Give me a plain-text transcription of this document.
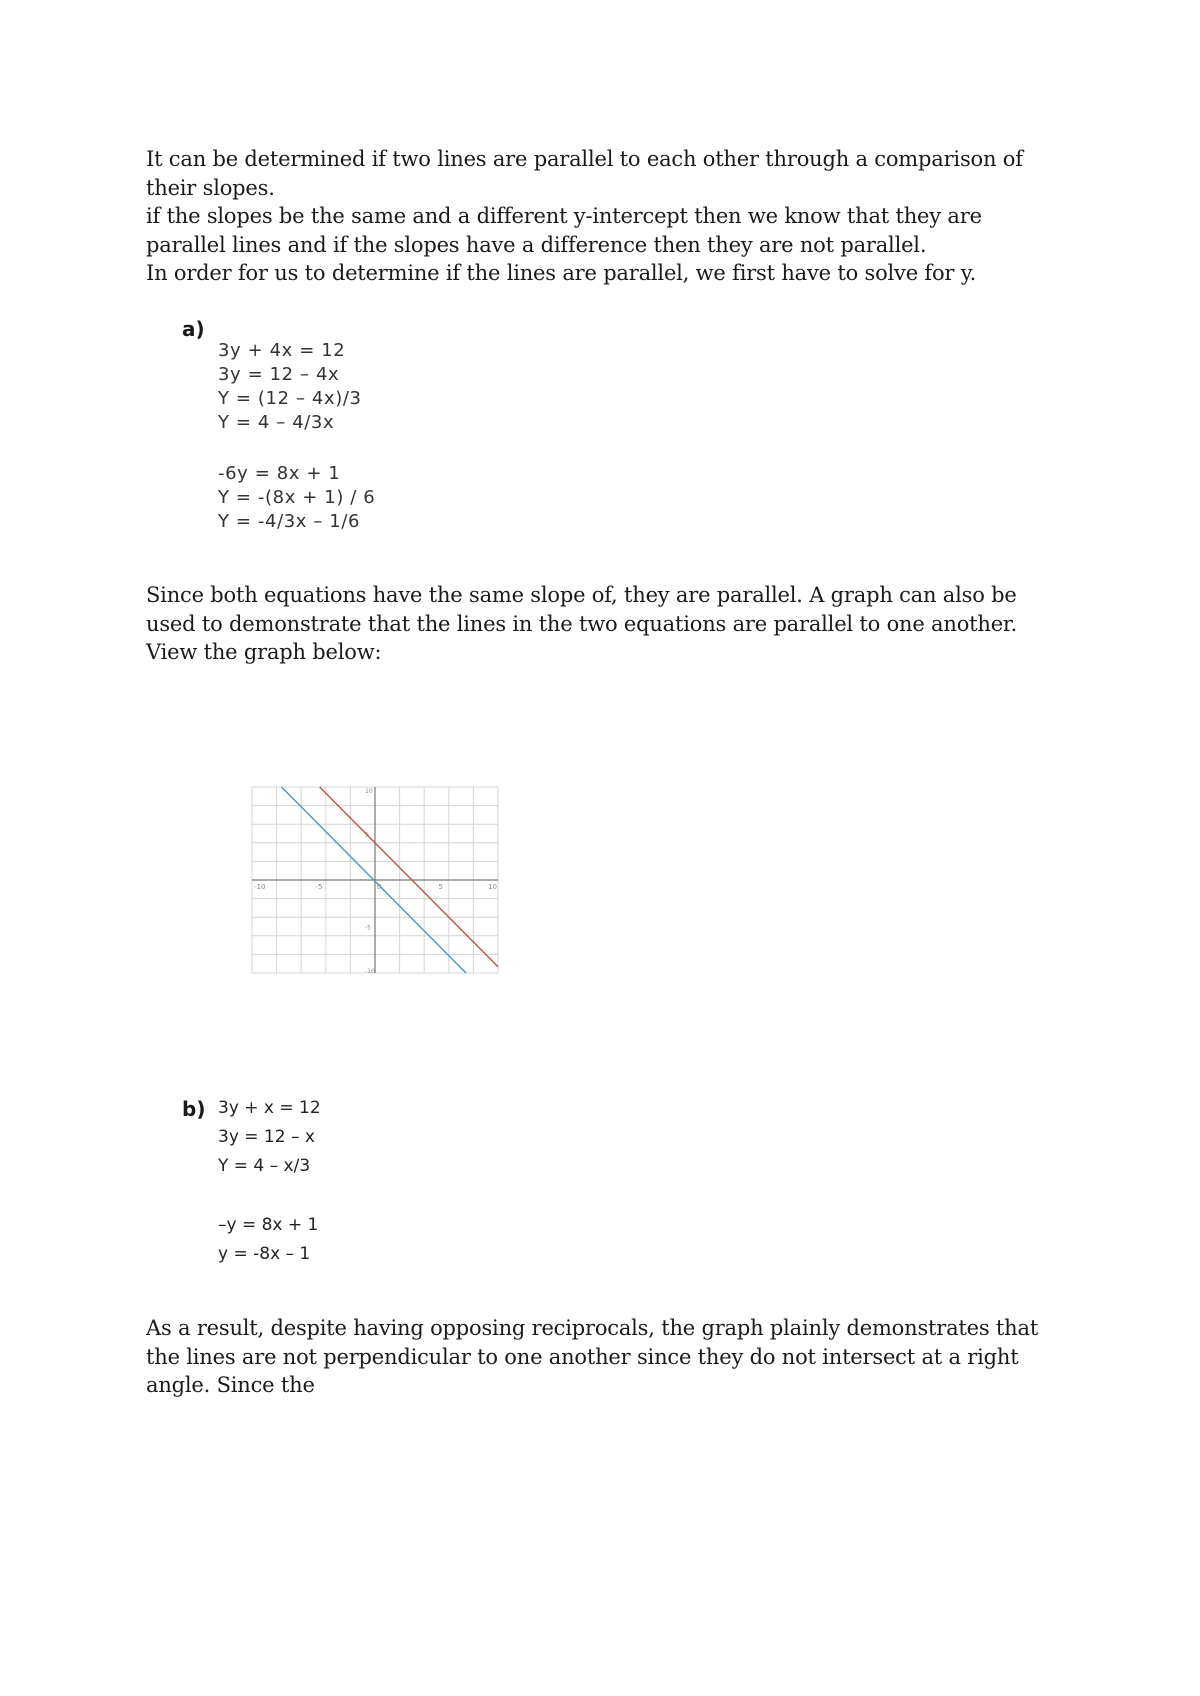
It can be determined if two lines are parallel to each other through a comparison of their slopes.

if the slopes be the same and a different y-intercept then we know that they are parallel lines and if the slopes have a difference then they are not parallel.

In order for us to determine if the lines are parallel, we first have to solve for y.

a)
3y + 4x = 12
3y = 12 – 4x
Y = (12 – 4x)/3
Y = 4 – 4/3x
-6y = 8x + 1
Y = -(8x + 1) / 6
Y = -4/3x – 1/6

Since both equations have the same slope of, they are parallel. A graph can also be used to demonstrate that the lines in the two equations are parallel to one another. View the graph below:

-10	-5	0	5	10
10
5
-5
-10
b) 3y + x = 12
3y = 12 – x
Y = 4 – x/3
–y = 8x + 1
y = -8x – 1

As a result, despite having opposing reciprocals, the graph plainly demonstrates that the lines are not perpendicular to one another since they do not intersect at a right angle. Since the
